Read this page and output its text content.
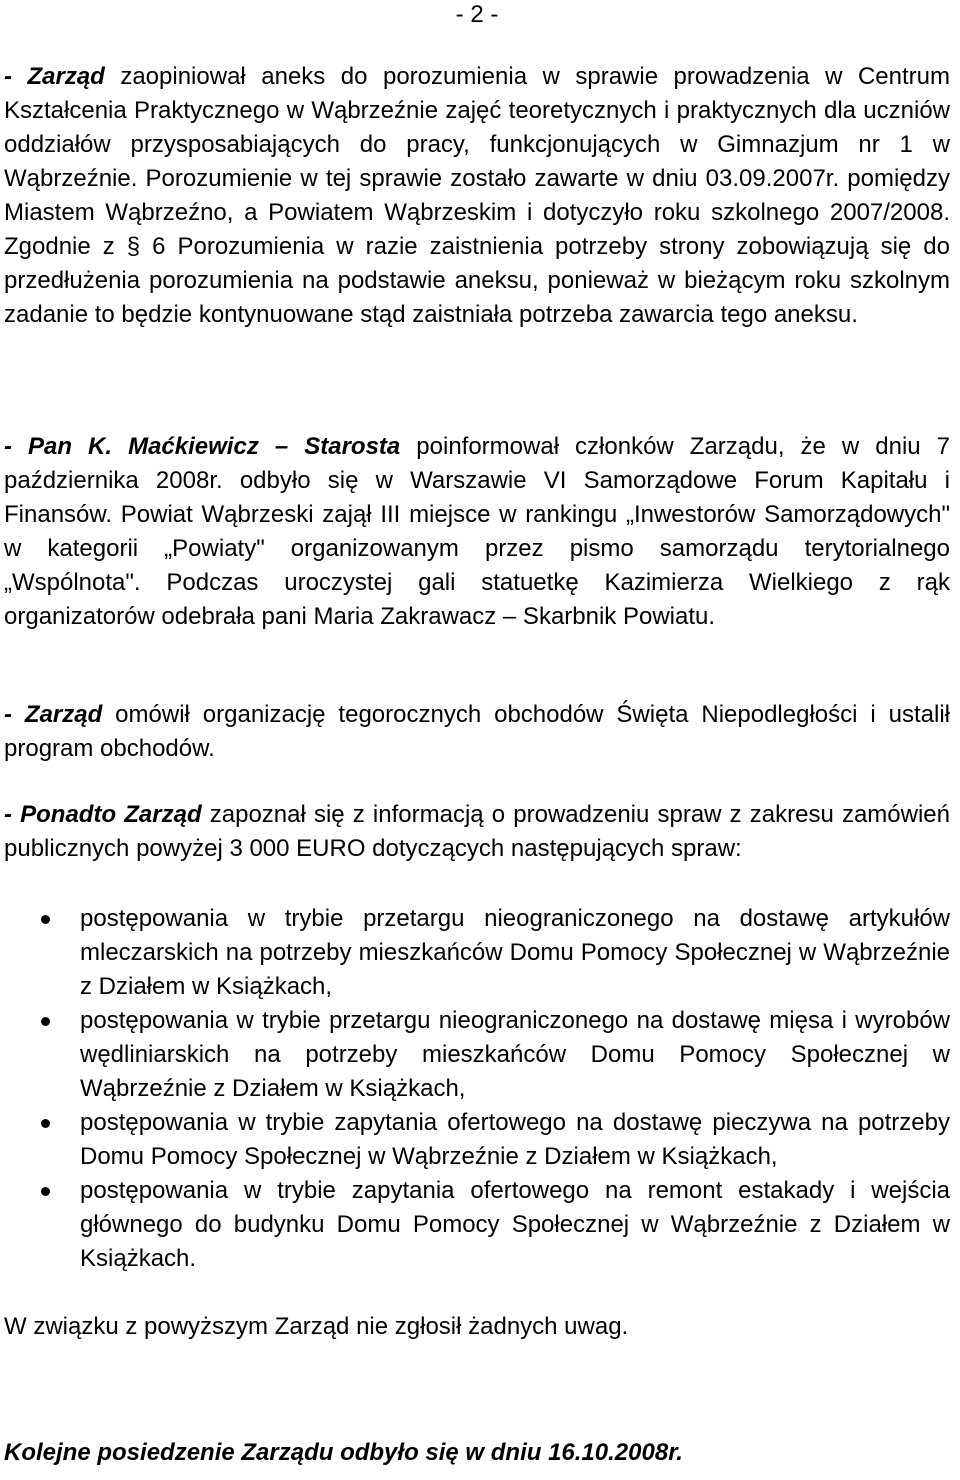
- 2 -

- Zarząd zaopiniował aneks do porozumienia w sprawie prowadzenia w Centrum Kształcenia Praktycznego w Wąbrzeźnie zajęć teoretycznych i praktycznych dla uczniów oddziałów przysposabiających do pracy, funkcjonujących w Gimnazjum nr 1 w Wąbrzeźnie. Porozumienie w tej sprawie zostało zawarte w dniu 03.09.2007r. pomiędzy Miastem Wąbrzeźno, a Powiatem Wąbrzeskim i dotyczyło roku szkolnego 2007/2008. Zgodnie z § 6 Porozumienia w razie zaistnienia potrzeby strony zobowiązują się do przedłużenia porozumienia na podstawie aneksu, ponieważ w bieżącym roku szkolnym zadanie to będzie kontynuowane stąd zaistniała potrzeba zawarcia tego aneksu.

- Pan K. Maćkiewicz – Starosta poinformował członków Zarządu, że w dniu 7 października 2008r. odbyło się w Warszawie VI Samorządowe Forum Kapitału i Finansów. Powiat Wąbrzeski zajął III miejsce w rankingu „Inwestorów Samorządowych" w kategorii „Powiaty" organizowanym przez pismo samorządu terytorialnego „Wspólnota". Podczas uroczystej gali statuetkę Kazimierza Wielkiego z rąk organizatorów odebrała pani Maria Zakrawacz – Skarbnik Powiatu.

- Zarząd omówił organizację tegorocznych obchodów Święta Niepodległości i ustalił program obchodów.

- Ponadto Zarząd zapoznał się z informacją o prowadzeniu spraw z zakresu zamówień publicznych powyżej 3 000 EURO dotyczących następujących spraw:

postępowania w trybie przetargu nieograniczonego na dostawę artykułów mleczarskich na potrzeby mieszkańców Domu Pomocy Społecznej w Wąbrzeźnie z Działem w Książkach,
postępowania w trybie przetargu nieograniczonego na dostawę mięsa i wyrobów wędliniarskich na potrzeby mieszkańców Domu Pomocy Społecznej w Wąbrzeźnie z Działem w Książkach,
postępowania w trybie zapytania ofertowego na dostawę pieczywa na potrzeby Domu Pomocy Społecznej w Wąbrzeźnie z Działem w Książkach,
postępowania w trybie zapytania ofertowego na remont estakady i wejścia głównego do budynku Domu Pomocy Społecznej w Wąbrzeźnie z Działem w Książkach.

W związku z powyższym Zarząd nie zgłosił żadnych uwag.

Kolejne posiedzenie Zarządu odbyło się w dniu 16.10.2008r.
